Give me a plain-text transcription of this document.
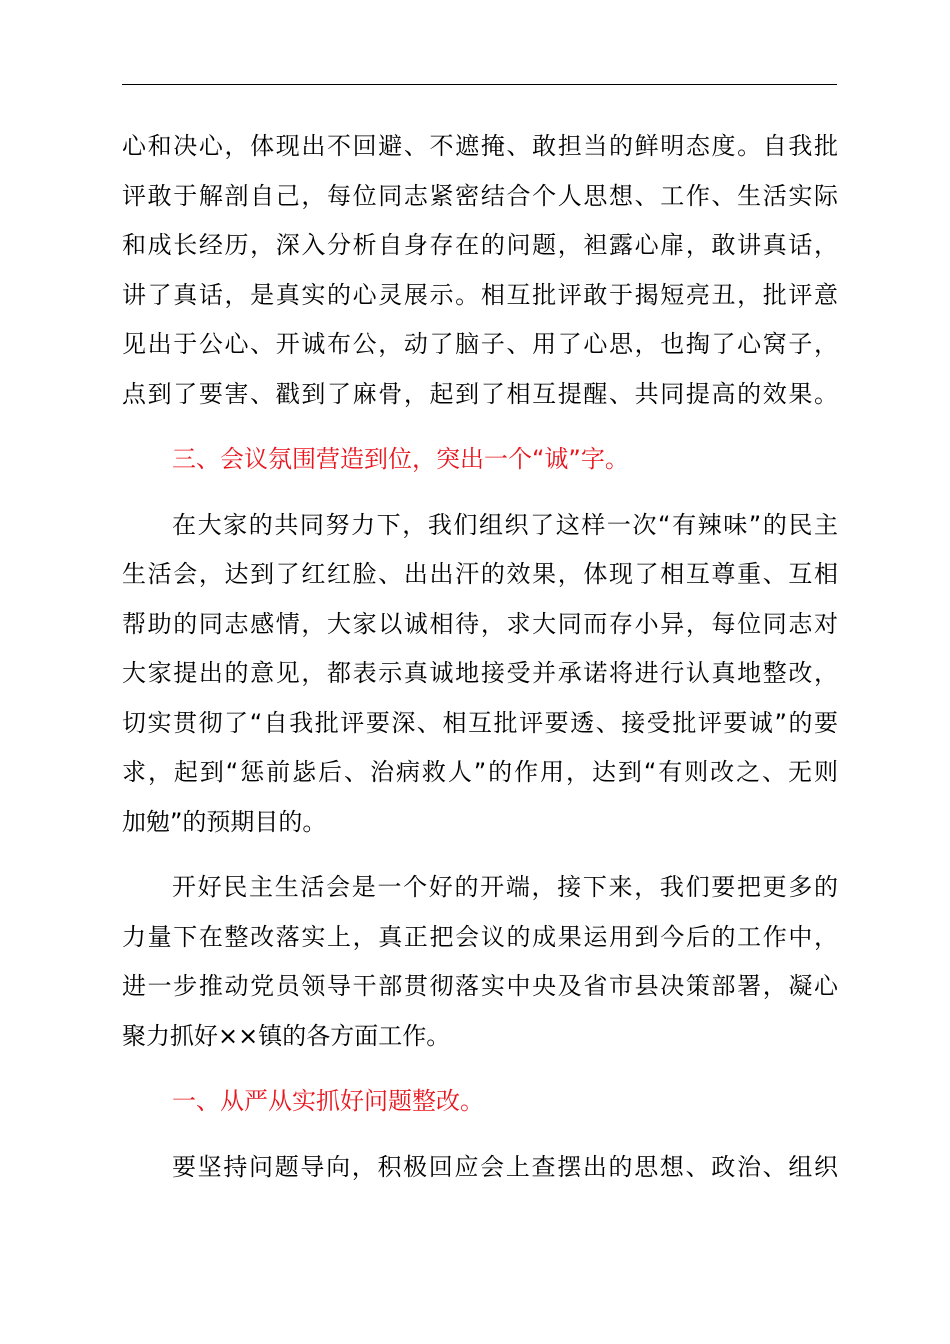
心和决心，体现出不回避、不遮掩、敢担当的鲜明态度。自我批
评敢于解剖自己，每位同志紧密结合个人思想、工作、生活实际
和成长经历，深入分析自身存在的问题，袒露心扉，敢讲真话，
讲了真话，是真实的心灵展示。相互批评敢于揭短亮丑，批评意
见出于公心、开诚布公，动了脑子、用了心思，也掏了心窝子，
点到了要害、戳到了麻骨，起到了相互提醒、共同提高的效果。
三、会议氛围营造到位，突出一个“诚”字。
在大家的共同努力下，我们组织了这样一次“有辣味”的民主
生活会，达到了红红脸、出出汗的效果，体现了相互尊重、互相
帮助的同志感情，大家以诚相待，求大同而存小异，每位同志对
大家提出的意见，都表示真诚地接受并承诺将进行认真地整改，
切实贯彻了“自我批评要深、相互批评要透、接受批评要诚”的要
求，起到“惩前毖后、治病救人”的作用，达到“有则改之、无则
加勉”的预期目的。
开好民主生活会是一个好的开端，接下来，我们要把更多的
力量下在整改落实上，真正把会议的成果运用到今后的工作中，
进一步推动党员领导干部贯彻落实中央及省市县决策部署，凝心
聚力抓好××镇的各方面工作。
一、从严从实抓好问题整改。
要坚持问题导向，积极回应会上查摆出的思想、政治、组织
